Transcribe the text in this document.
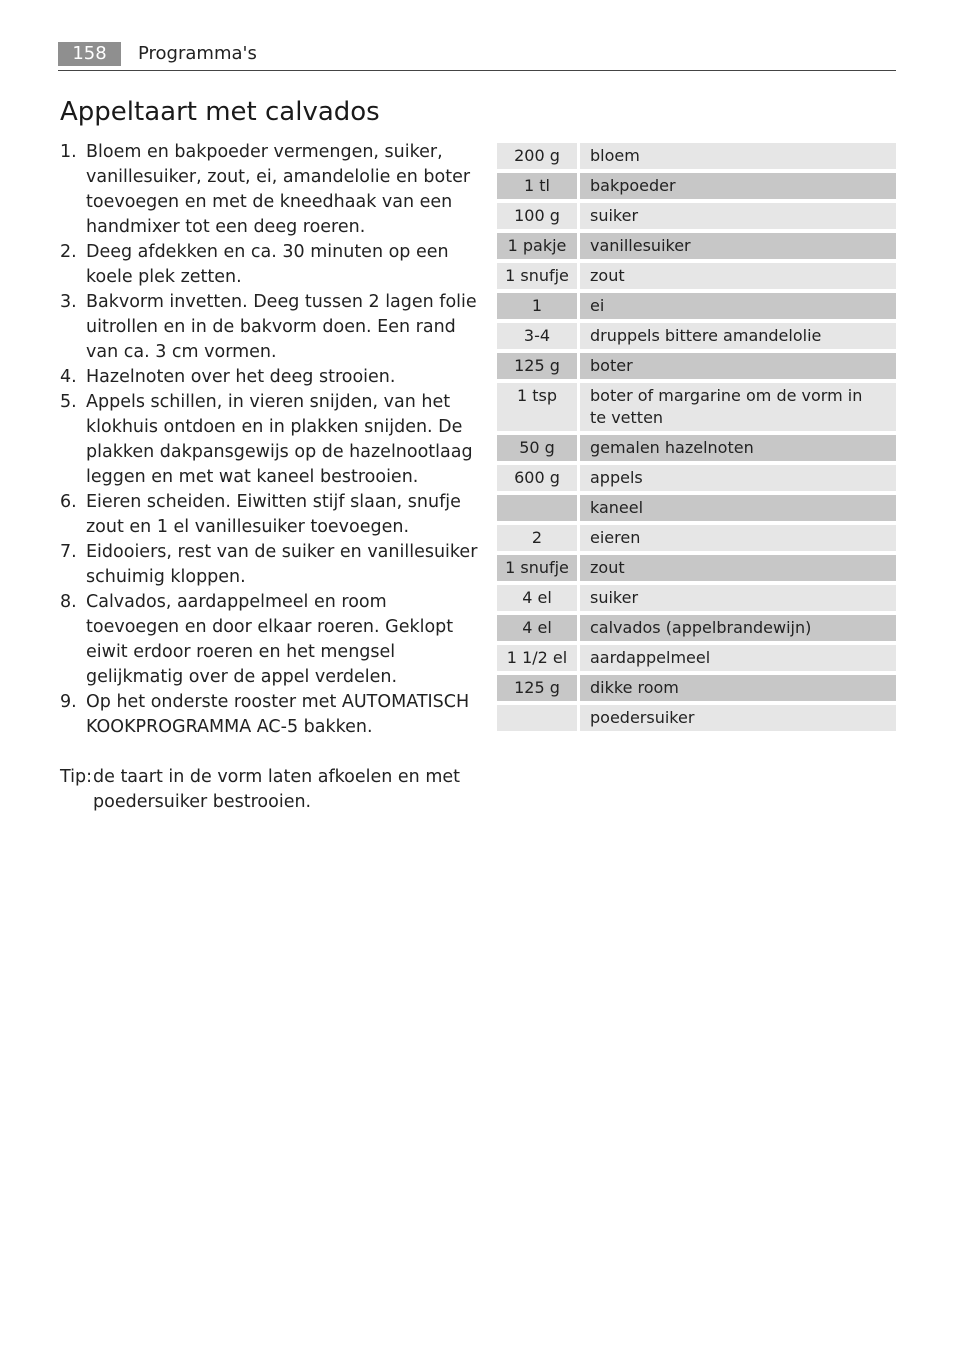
158	Programma's
Appeltaart met calvados
1. Bloem en bakpoeder vermengen, suiker, vanillesuiker, zout, ei, amandelolie en boter toevoegen en met de kneedhaak van een handmixer tot een deeg roeren.
2. Deeg afdekken en ca. 30 minuten op een koele plek zetten.
3. Bakvorm invetten. Deeg tussen 2 lagen folie uitrollen en in de bakvorm doen. Een rand van ca. 3 cm vormen.
4. Hazelnoten over het deeg strooien.
5. Appels schillen, in vieren snijden, van het klokhuis ontdoen en in plakken snijden. De plakken dakpansgewijs op de hazelnootlaag leggen en met wat kaneel bestrooien.
6. Eieren scheiden. Eiwitten stijf slaan, snufje zout en 1 el vanillesuiker toevoegen.
7. Eidooiers, rest van de suiker en vanillesuiker schuimig kloppen.
8. Calvados, aardappelmeel en room toevoegen en door elkaar roeren. Geklopt eiwit erdoor roeren en het mengsel gelijkmatig over de appel verdelen.
9. Op het onderste rooster met AUTOMATISCH KOOKPROGRAMMA AC-5 bakken.
Tip: de taart in de vorm laten afkoelen en met poedersuiker bestrooien.
200 g	bloem
1 tl	bakpoeder
100 g	suiker
1 pakje	vanillesuiker
1 snufje	zout
1	ei
3-4	druppels bittere amandelolie
125 g	boter
1 tsp	boter of margarine om de vorm in te vetten
50 g	gemalen hazelnoten
600 g	appels
	kaneel
2	eieren
1 snufje	zout
4 el	suiker
4 el	calvados (appelbrandewijn)
1 1/2 el	aardappelmeel
125 g	dikke room
	poedersuiker
